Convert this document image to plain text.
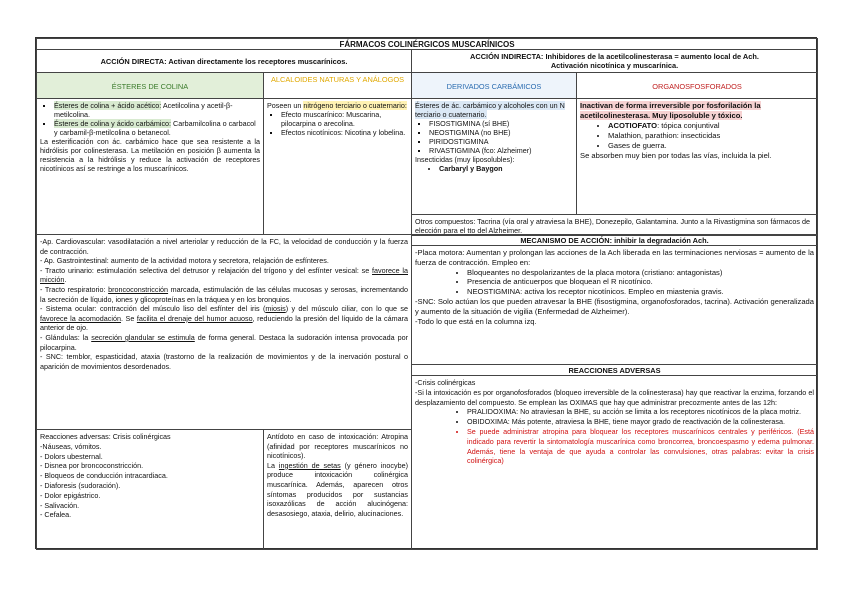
FÁRMACOS COLINÉRGICOS MUSCARÍNICOS
ACCIÓN DIRECTA: Activan directamente los receptores muscarínicos.
ACCIÓN INDIRECTA: Inhibidores de la acetilcolinesterasa = aumento local de Ach.
Activación nicotínica y muscarínica.
ÉSTERES DE COLINA
ALCALOIDES NATURAS Y ANÁLOGOS
DERIVADOS CARBÁMICOS	ORGANOSFOSFORADOS
▪ Ésteres de colina + ácido acético: Acetilcolina y acetil-β-metilcolina.
▪ Ésteres de colina y ácido carbámico: Carbamilcolina o carbacol y carbamil-β-metilcolina o betanecol.

La esterificación con ác. carbámico hace que sea resistente a la hidrólisis por colinesterasa. La metilación en posición β aumenta la resistencia a la hidrólisis y reduce la activación de receptores nicotínicos así se restringe a los muscarínicos.

Poseen un nitrógeno terciario o cuaternario:

▪ Efecto muscarínico: Muscarina, pilocarpina o arecolina.
▪ Efectos nicotínicos: Nicotina y lobelina.

Ésteres de ác. carbámico y alcoholes con un N terciario o cuaternario.

▪ FISOSTIGMINA (sí BHE)
▪ NEOSTIGMINA (no BHE)
▪ PIRIDOSTIGMINA
▪ RIVASTIGMINA (fco: Alzheimer)

Insecticidas (muy liposolubles):

• Carbaryl y Baygon

Inactivan de forma irreversible por fosforilación la acetilcolinesterasa. Muy liposoluble y tóxico.

• ACOTIOFATO: tópica conjuntival
• Malathion, parathion: insecticidas
• Gases de guerra.

Se absorben muy bien por todas las vías, incluida la piel.

Otros compuestos: Tacrina (vía oral y atraviesa la BHE), Donezepilo, Galantamina. Junto a la Rivastigmina son fármacos de elección para el tto del Alzheimer.

-Ap. Cardiovascular: vasodilatación a nivel arteriolar y reducción de la FC, la velocidad de conducción y la fuerza de contracción.

- Ap. Gastrointestinal: aumento de la actividad motora y secretora, relajación de esfínteres.

- Tracto urinario: estimulación selectiva del detrusor y relajación del trígono y del esfínter vesical: se favorece la micción.

- Tracto respiratorio: broncoconstricción marcada, estimulación de las células mucosas y serosas, incrementando la secreción de líquido, iones y glicoproteínas en la tráquea y en los bronquios.

- Sistema ocular: contracción del músculo liso del esfínter del iris (miosis) y del músculo ciliar, con lo que se favorece la acomodación. Se facilita el drenaje del humor acuoso, reduciendo la presión del líquido de la cámara anterior de ojo.

- Glándulas: la secreción glandular se estimula de forma general. Destaca la sudoración intensa provocada por pilocarpina.

- SNC: temblor, espasticidad, ataxia (trastorno de la realización de movimientos y de la inervación postural o aparición de movimientos desordenados.

Reacciones adversas: Crisis colinérgicas

-Náuseas, vómitos.

- Dolors ubesternal.

- Disnea por broncoconstricción.

- Bloqueos de conducción intracardiaca.

- Diaforesis (sudoración).

- Dolor epigástrico.

- Salivación.

- Cefalea.

Antídoto en caso de intoxicación: Atropina (afinidad por receptores muscarínicos no nicotínicos).

La ingestión de setas (y género inocybe) produce intoxicación colinérgica muscarínica. Además, aparecen otros síntomas producidos por sustancias isoxazólicas de acción alucinógena: desasosiego, ataxia, delirio, alucinaciones.

MECANISMO DE ACCIÓN: inhibir la degradación Ach.

-Placa motora: Aumentan y prolongan las acciones de la Ach liberada en las terminaciones nerviosas = aumento de la fuerza de contracción. Empleo en:

• Bloqueantes no despolarizantes de la placa motora (cristiano: antagonistas)
• Presencia de anticuerpos que bloquean el R nicotínico.
• NEOSTIGMINA: activa los receptor nicotínicos. Empleo en miastenia gravis.

-SNC: Solo actúan los que pueden atravesar la BHE (fisostigmina, organofosforados, tacrina). Activación generalizada y aumento de la situación de vigilia (Enfermedad de Alzheimer).

-Todo lo que está en la columna izq.

REACCIONES ADVERSAS

-Crisis colinérgicas

-Si la intoxicación es por organofosforados (bloqueo irreversible de la colinesterasa) hay que reactivar la enzima, forzando el desplazamiento del compuesto. Se emplean las OXIMAS que hay que administrar precozmente antes de las 12h:

• PRALIDOXIMA: No atraviesan la BHE, su acción se limita a los receptores nicotínicos de la placa motriz.
• OBIDOXIMA: Más potente, atraviesa la BHE, tiene mayor grado de reactivación de la colinesterasa.
• Se puede administrar atropina para bloquear los receptores muscarínicos centrales y periféricos. (Está indicado para revertir la sintomatología muscarínica como broncorrea, broncoespasmo y edema pulmonar. Además, tiene la ventaja de que ayuda a controlar las convulsiones, otras palabras: evitar la crisis colinérgica)
